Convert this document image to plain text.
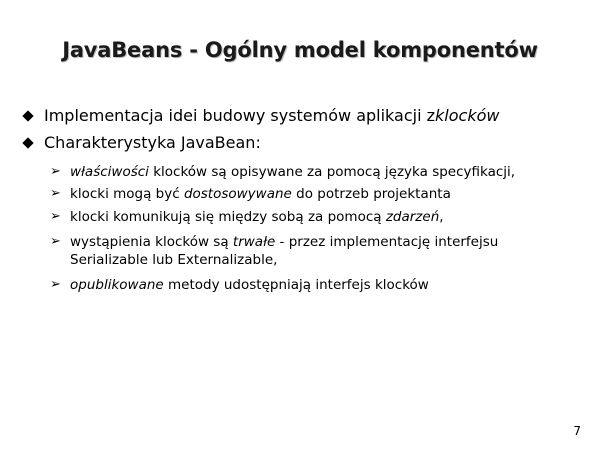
JavaBeans - Ogólny model komponentów
Implementacja idei budowy systemów aplikacji z klocków
Charakterystyka JavaBean:
➢ właściwości klocków są opisywane za pomocą języka specyfikacji,
➢ klocki mogą być dostosowywane do potrzeb projektanta
➢ klocki komunikują się między sobą za pomocą zdarzeń,
➢ wystąpienia klocków są trwałe - przez implementację interfejsu
Serializable lub Externalizable,
➢ opublikowane metody udostępniają interfejs klocków
7
